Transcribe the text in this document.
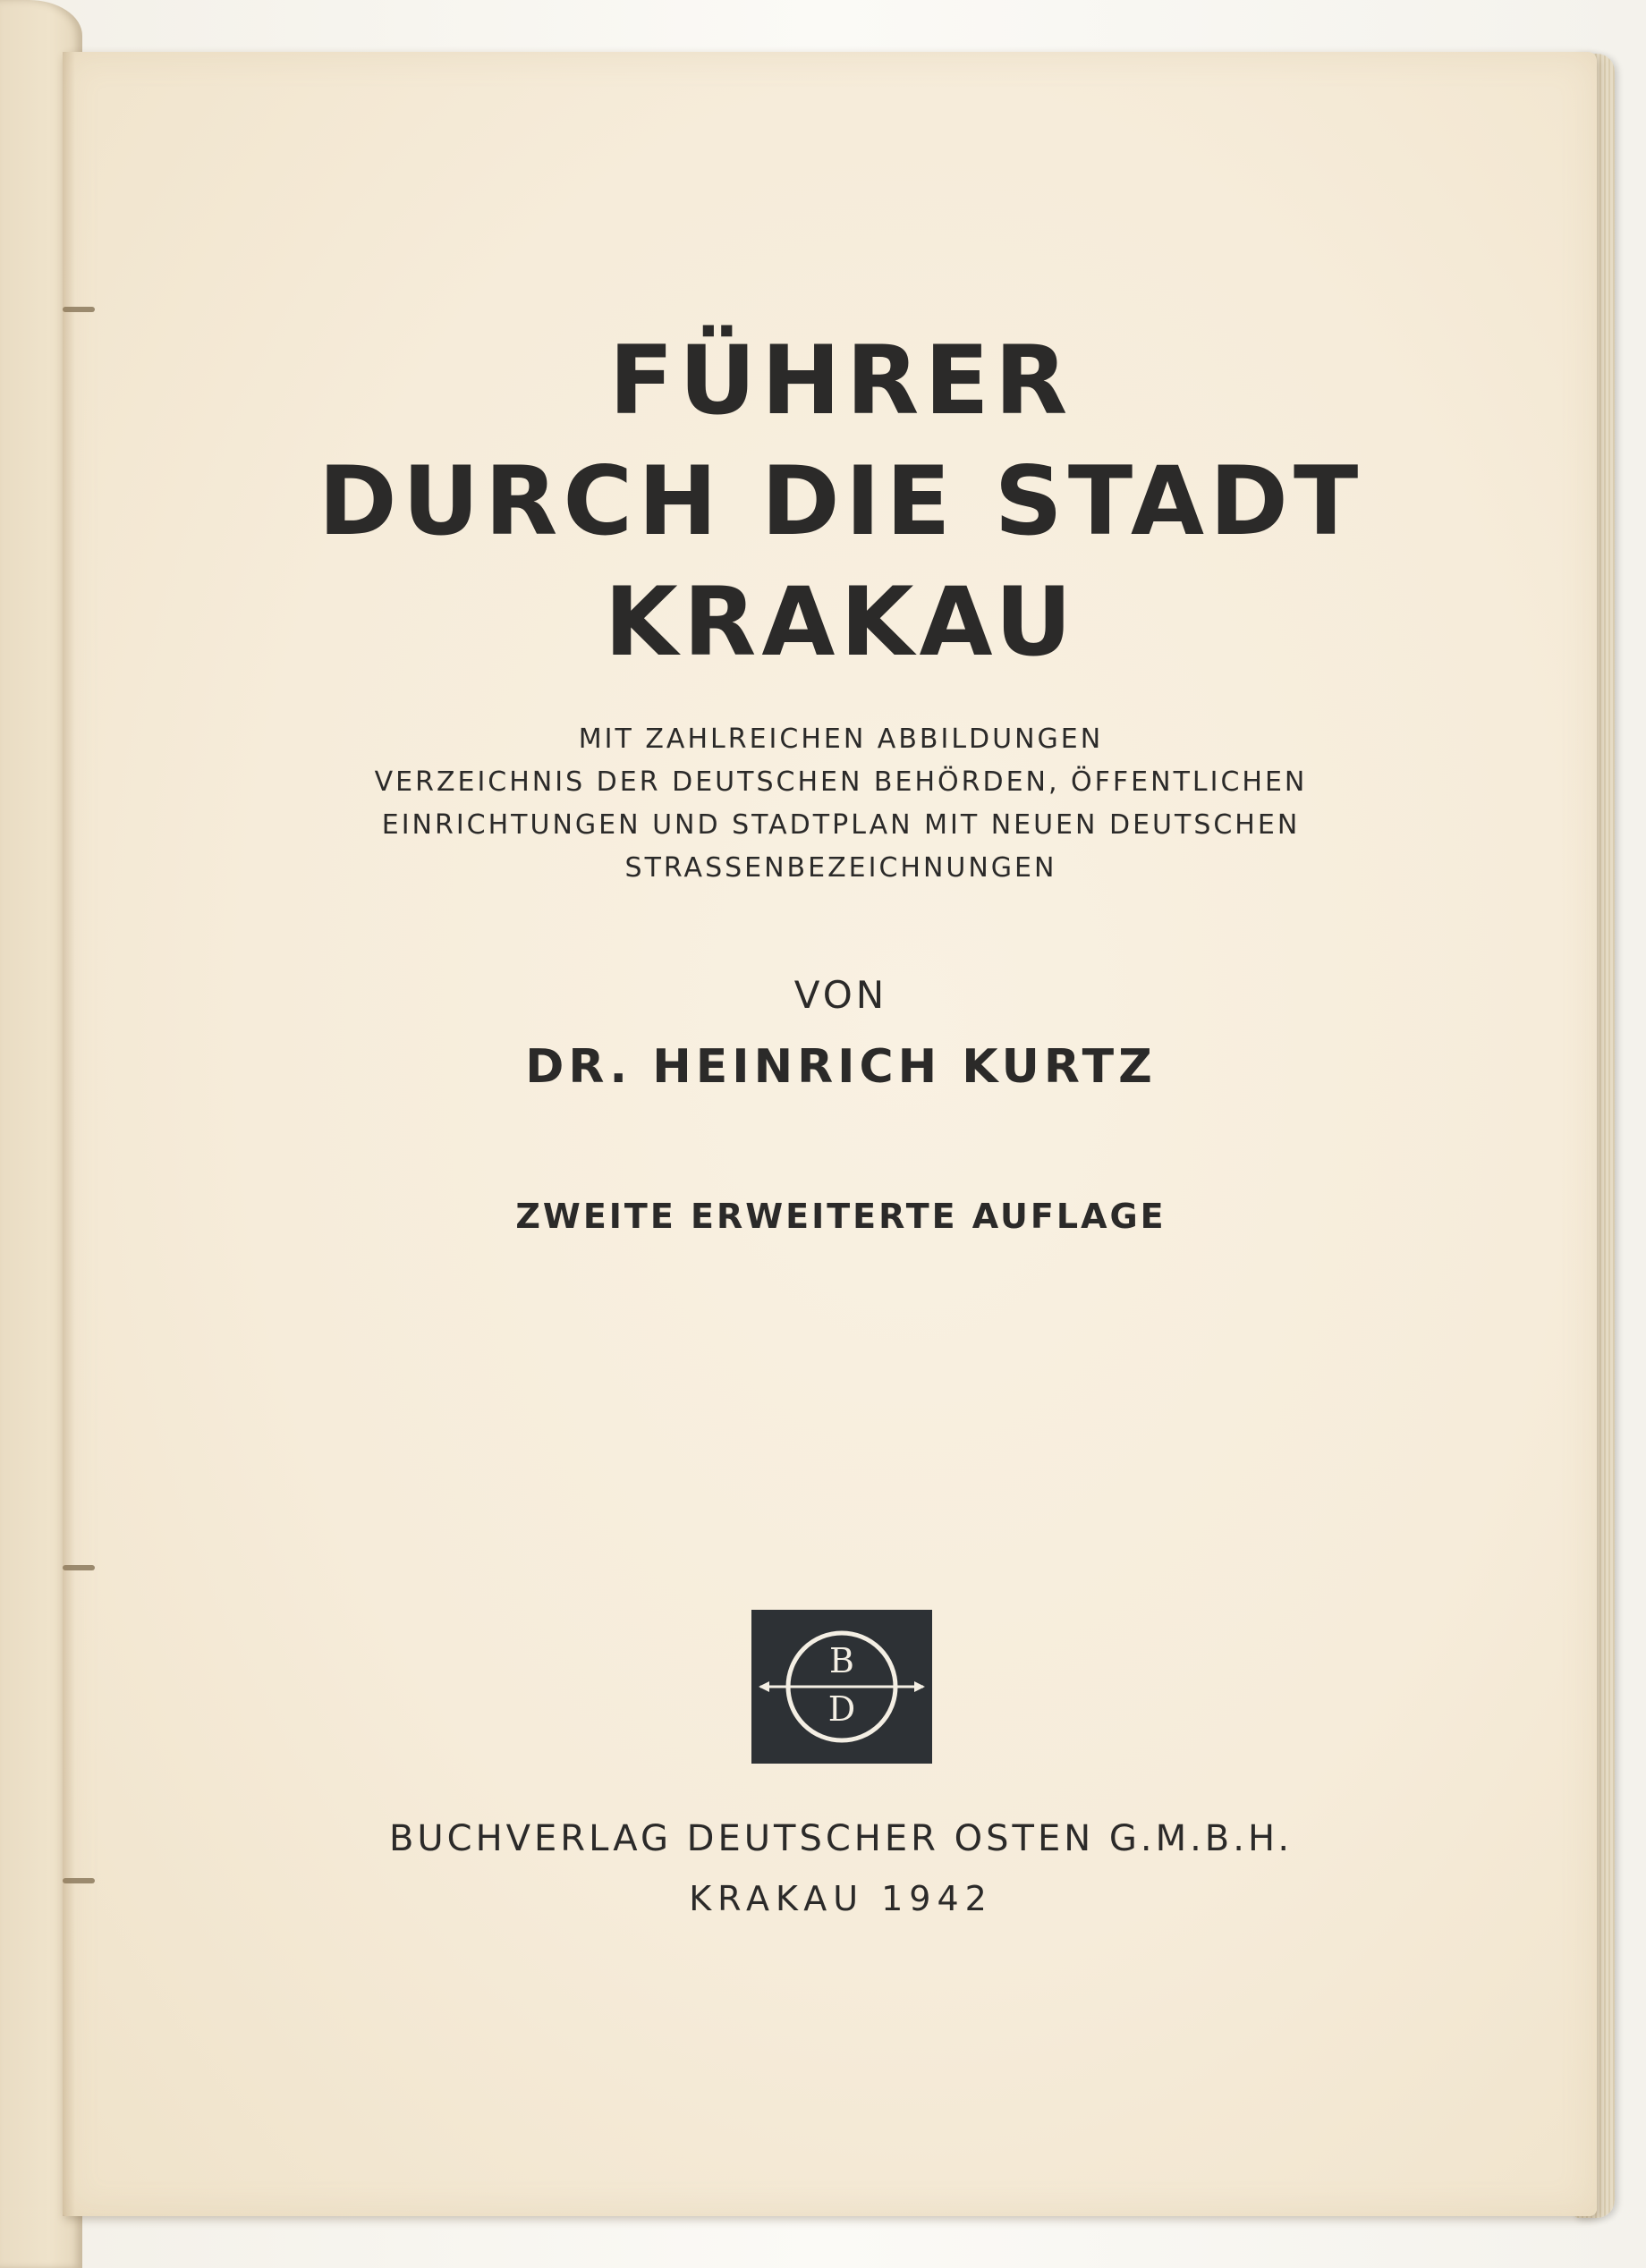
FÜHRER
DURCH DIE STADT
KRAKAU
MIT ZAHLREICHEN ABBILDUNGEN
VERZEICHNIS DER DEUTSCHEN BEHÖRDEN, ÖFFENTLICHEN
EINRICHTUNGEN UND STADTPLAN MIT NEUEN DEUTSCHEN
STRASSENBEZEICHNUNGEN
VON
DR. HEINRICH KURTZ
ZWEITE ERWEITERTE AUFLAGE
B
D
BUCHVERLAG DEUTSCHER OSTEN G.M.B.H.
KRAKAU 1942
